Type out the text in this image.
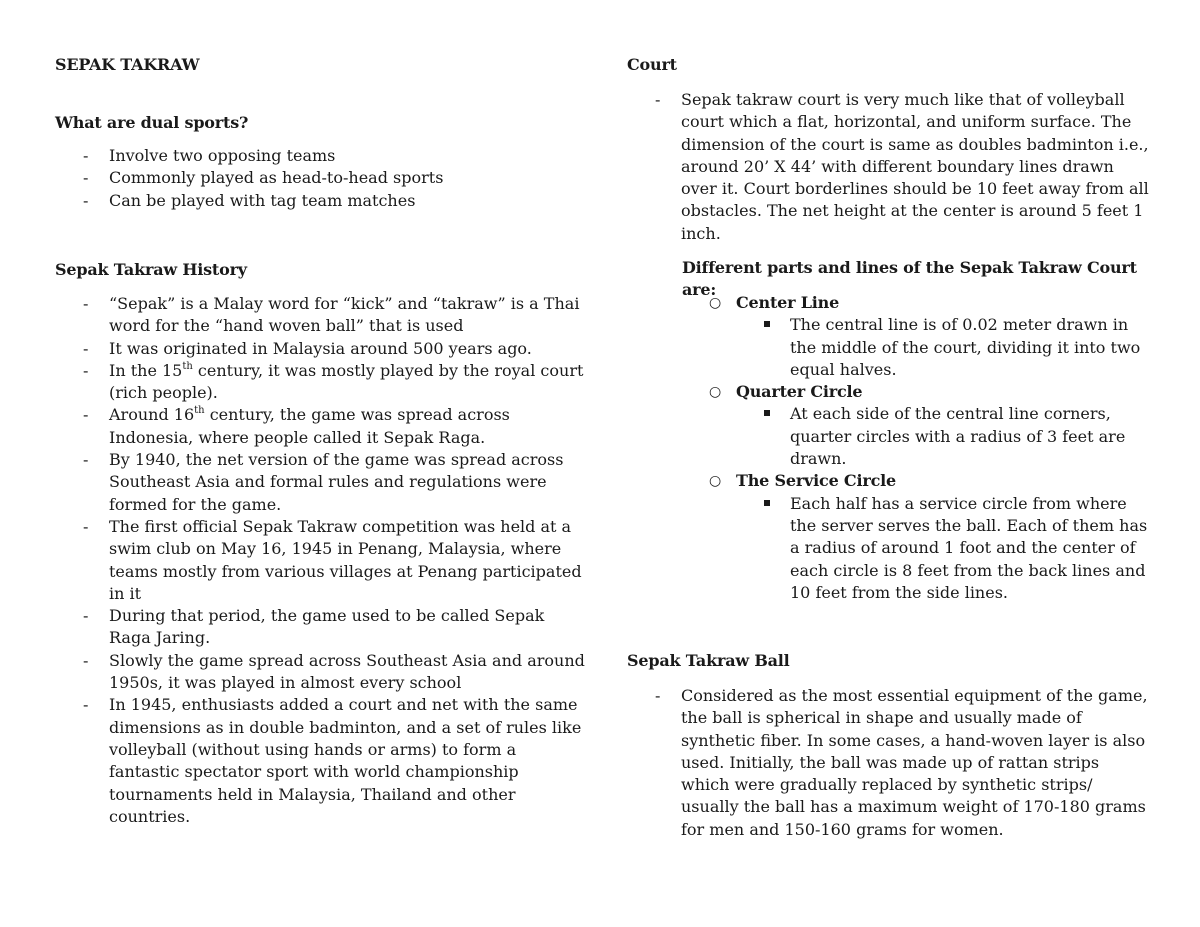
SEPAK TAKRAW
What are dual sports?
- Involve two opposing teams
- Commonly played as head-to-head sports
- Can be played with tag team matches
Sepak Takraw History
- “Sepak” is a Malay word for “kick” and “takraw” is a Thai word for the “hand woven ball” that is used
- It was originated in Malaysia around 500 years ago.
- In the 15th century, it was mostly played by the royal court (rich people).
- Around 16th century, the game was spread across Indonesia, where people called it Sepak Raga.
- By 1940, the net version of the game was spread across Southeast Asia and formal rules and regulations were formed for the game.
- The first official Sepak Takraw competition was held at a swim club on May 16, 1945 in Penang, Malaysia, where teams mostly from various villages at Penang participated in it
- During that period, the game used to be called Sepak Raga Jaring.
- Slowly the game spread across Southeast Asia and around 1950s, it was played in almost every school
- In 1945, enthusiasts added a court and net with the same dimensions as in double badminton, and a set of rules like volleyball (without using hands or arms) to form a fantastic spectator sport with world championship tournaments held in Malaysia, Thailand and other countries.
Court
- Sepak takraw court is very much like that of volleyball court which a flat, horizontal, and uniform surface. The dimension of the court is same as doubles badminton i.e., around 20’ X 44’ with different boundary lines drawn over it. Court borderlines should be 10 feet away from all obstacles. The net height at the center is around 5 feet 1 inch.
Different parts and lines of the Sepak Takraw Court are:
○ Center Line
The central line is of 0.02 meter drawn in the middle of the court, dividing it into two equal halves.
○ Quarter Circle
At each side of the central line corners, quarter circles with a radius of 3 feet are drawn.
○ The Service Circle
Each half has a service circle from where the server serves the ball. Each of them has a radius of around 1 foot and the center of each circle is 8 feet from the back lines and 10 feet from the side lines.
Sepak Takraw Ball
- Considered as the most essential equipment of the game, the ball is spherical in shape and usually made of synthetic fiber. In some cases, a hand-woven layer is also used. Initially, the ball was made up of rattan strips which were gradually replaced by synthetic strips/ usually the ball has a maximum weight of 170-180 grams for men and 150-160 grams for women.
